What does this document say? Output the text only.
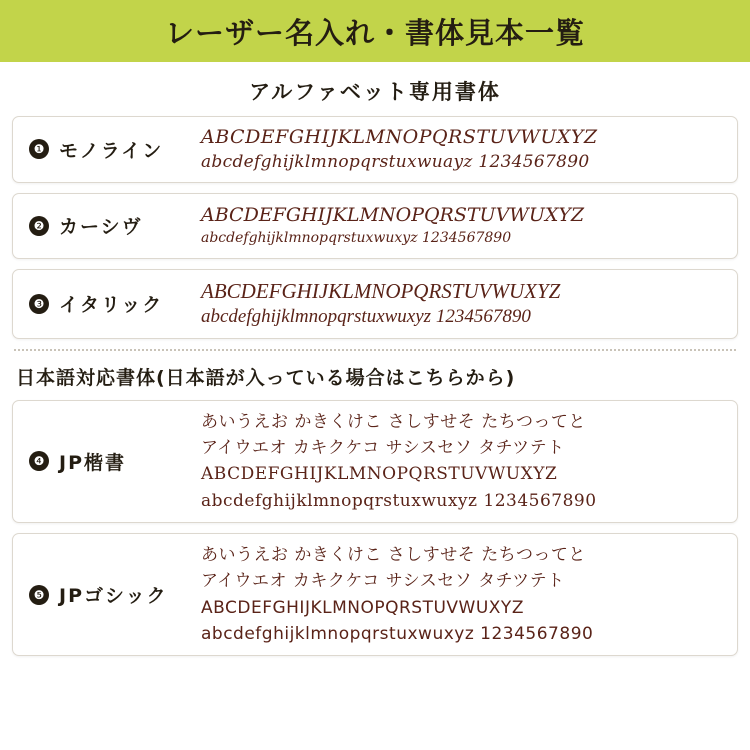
レーザー名入れ・書体見本一覧
アルファベット専用書体
❶ モノライン
ABCDEFGHIJKLMNOPQRSTUVWUXYZ
abcdefghijklmnopqrstuxwuayz 1234567890
❷ カーシヴ
ABCDEFGHIJKLMNOPQRSTUVWUXYZ
abcdefghijklmnopqrstuxwuxyz 1234567890
❸ イタリック
ABCDEFGHIJKLMNOPQRSTUVWUXYZ
abcdefghijklmnopqrstuxwuxyz 1234567890
日本語対応書体(日本語が入っている場合はこちらから)
❹ JP楷書
あいうえお かきくけこ さしすせそ たちつってと
アイウエオ カキクケコ サシスセソ タチツテト
ABCDEFGHIJKLMNOPQRSTUVWUXYZ
abcdefghijklmnopqrstuxwuxyz 1234567890
❺ JPゴシック
あいうえお かきくけこ さしすせそ たちつってと
アイウエオ カキクケコ サシスセソ タチツテト
ABCDEFGHIJKLMNOPQRSTUVWUXYZ
abcdefghijklmnopqrstuxwuxyz 1234567890
